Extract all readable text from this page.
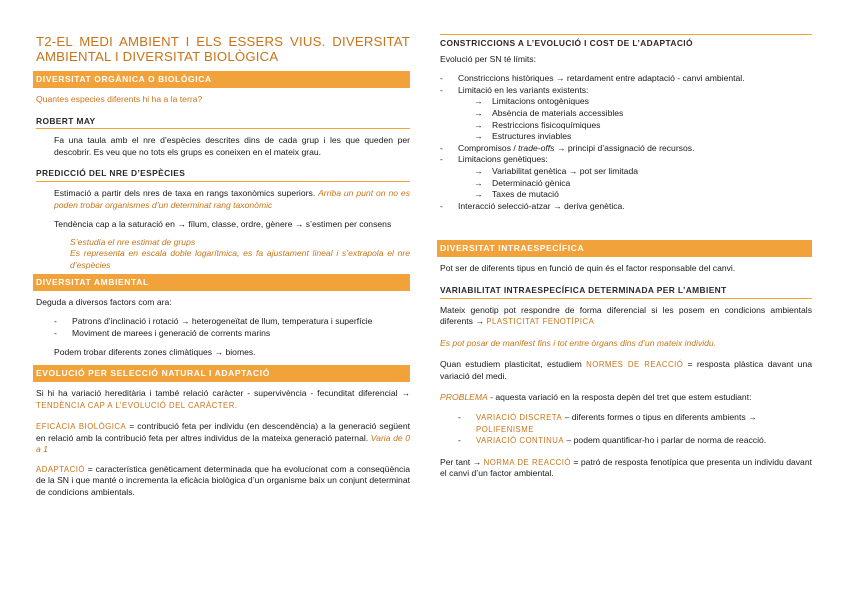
T2-EL MEDI AMBIENT I ELS ESSERS VIUS. DIVERSITAT AMBIENTAL I DIVERSITAT BIOLÒGICA
DIVERSITAT ORGÀNICA O BIOLÒGICA

Quantes especies diferents hi ha a la terra?

ROBERT MAY

Fa una taula amb el nre d’espècies descrites dins de cada grup i les que queden per descobrir. Es veu que no tots els grups es coneixen en el mateix grau.

PREDICCIÓ DEL NRE D’ESPÈCIES

Estimació a partir dels nres de taxa en rangs taxonòmics superiors. Arriba un punt on no es poden trobar organismes d’un determinat rang taxonòmic

Tendència cap a la saturació en → fílum, classe, ordre, gènere → s’estimen per consens

S’estudia el nre estimat de grups

Es representa en escala doble logarítmica, es fa ajustament lineal i s’extrapola el nre d’espècies

DIVERSITAT AMBIENTAL

Deguda a diversos factors com ara:

- Patrons d’inclinació i rotació → heterogeneïtat de llum, temperatura i superfície
- Moviment de marees i generació de corrents marins

Podem trobar diferents zones climàtiques → biomes.

EVOLUCIÓ PER SELECCIÓ NATURAL I ADAPTACIÓ

Si hi ha variació hereditària i també relació caràcter - supervivència - fecunditat diferencial → TENDÈNCIA CAP A L’EVOLUCIÓ DEL CARÀCTER.

EFICÀCIA BIOLÒGICA = contribució feta per individu (en descendència) a la generació següent en relació amb la contribució feta per altres individus de la mateixa generació paternal. Varia de 0 a 1

ADAPTACIÓ = característica genèticament determinada que ha evolucionat com a conseqüència de la SN i que manté o incrementa la eficàcia biològica d’un organisme baix un conjunt determinat de condicions ambientals.

CONSTRICCIONS A L’EVOLUCIÓ I COST DE L’ADAPTACIÓ

Evolució per SN té límits:

- Constriccions històriques → retardament entre adaptació - canvi ambiental.
- Limitació en les variants existents:
→ Limitacions ontogèniques
→ Absència de materials accessibles
→ Restriccions fisicoquímiques
→ Estructures inviables
- Compromisos / trade-offs → principi d’assignació de recursos.
- Limitacions genètiques:
→ Variabilitat genètica → pot ser limitada
→ Determinació gènica
→ Taxes de mutació
- Interacció selecció-atzar → deriva genètica.
DIVERSITAT INTRAESPECÍFICA

Pot ser de diferents tipus en funció de quin és el factor responsable del canvi.

VARIABILITAT INTRAESPECÍFICA DETERMINADA PER L’AMBIENT

Mateix genotip pot respondre de forma diferencial si les posem en condicions ambientals diferents → PLASTICITAT FENOTÍPICA

Es pot posar de manifest fins i tot entre òrgans dins d’un mateix individu.

Quan estudiem plasticitat, estudiem NORMES DE REACCIÓ = resposta plàstica davant una variació del medi.

PROBLEMA - aquesta variació en la resposta depèn del tret que estem estudiant:

- VARIACIÓ DISCRETA – diferents formes o tipus en diferents ambients → POLIFENISME
- VARIACIÓ CONTINUA – podem quantificar-ho i parlar de norma de reacció.

Per tant → NORMA DE REACCIÓ = patró de resposta fenotípica que presenta un individu davant el canvi d’un factor ambiental.
